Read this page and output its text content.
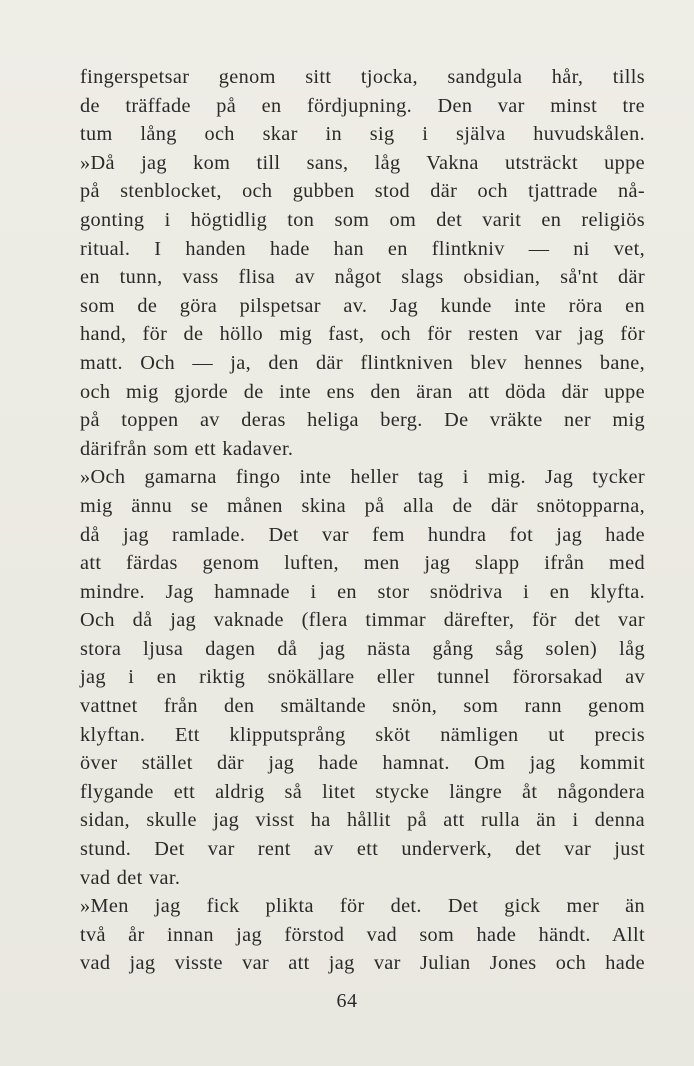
fingerspetsar genom sitt tjocka, sandgula hår, tills
de träffade på en fördjupning. Den var minst tre
tum lång och skar in sig i själva huvudskålen.
»Då jag kom till sans, låg Vakna utsträckt uppe
på stenblocket, och gubben stod där och tjattrade nå-
gonting i högtidlig ton som om det varit en religiös
ritual. I handen hade han en flintkniv — ni vet,
en tunn, vass flisa av något slags obsidian, så'nt där
som de göra pilspetsar av. Jag kunde inte röra en
hand, för de höllo mig fast, och för resten var jag för
matt. Och — ja, den där flintkniven blev hennes bane,
och mig gjorde de inte ens den äran att döda där uppe
på toppen av deras heliga berg. De vräkte ner mig
därifrån som ett kadaver.
»Och gamarna fingo inte heller tag i mig. Jag tycker
mig ännu se månen skina på alla de där snötopparna,
då jag ramlade. Det var fem hundra fot jag hade
att färdas genom luften, men jag slapp ifrån med
mindre. Jag hamnade i en stor snödriva i en klyfta.
Och då jag vaknade (flera timmar därefter, för det var
stora ljusa dagen då jag nästa gång såg solen) låg
jag i en riktig snökällare eller tunnel förorsakad av
vattnet från den smältande snön, som rann genom
klyftan. Ett klipputsprång sköt nämligen ut precis
över stället där jag hade hamnat. Om jag kommit
flygande ett aldrig så litet stycke längre åt någondera
sidan, skulle jag visst ha hållit på att rulla än i denna
stund. Det var rent av ett underverk, det var just
vad det var.
»Men jag fick plikta för det. Det gick mer än
två år innan jag förstod vad som hade händt. Allt
vad jag visste var att jag var Julian Jones och hade
64
